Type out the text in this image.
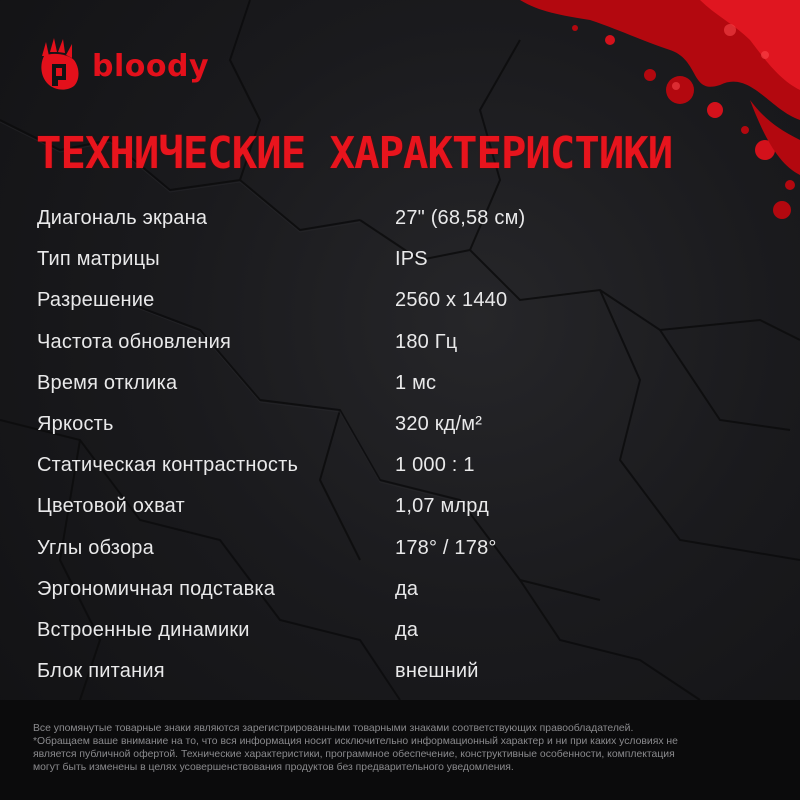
bloody
ТЕХНИЧЕСКИЕ ХАРАКТЕРИСТИКИ
Диагональ экрана	27" (68,58 см)
Тип матрицы	IPS
Разрешение	2560 х 1440
Частота обновления	180 Гц
Время отклика	1 мс
Яркость	320 кд/м²
Статическая контрастность	1 000 : 1
Цветовой охват	1,07 млрд
Углы обзора	178° / 178°
Эргономичная подставка	да
Встроенные динамики	да
Блок питания	внешний
Все упомянутые товарные знаки являются зарегистрированными товарными знаками соответствующих правообладателей.
*Обращаем ваше внимание на то, что вся информация носит исключительно информационный характер и ни при каких условиях не
является публичной офертой. Технические характеристики, программное обеспечение, конструктивные особенности, комплектация
могут быть изменены в целях усовершенствования продуктов без предварительного уведомления.
